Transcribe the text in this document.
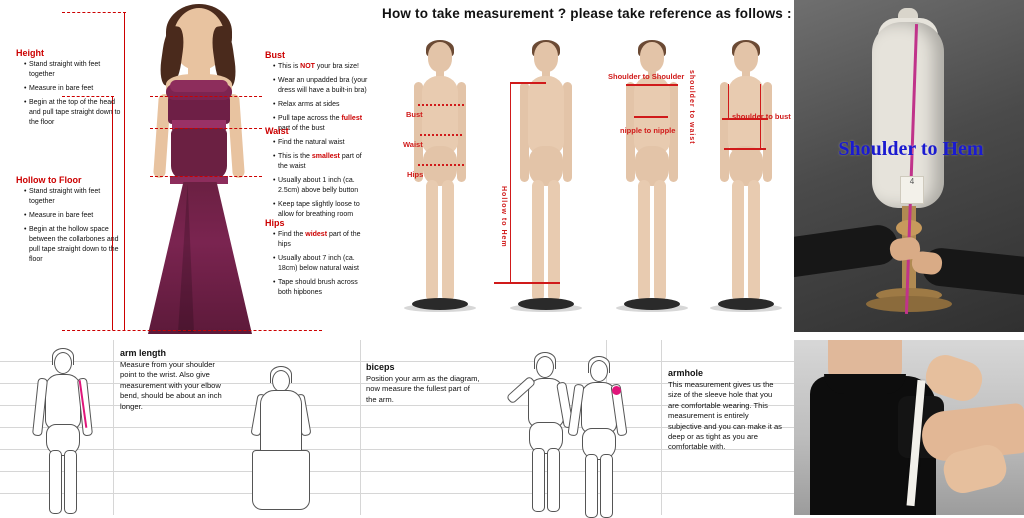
Height
• Stand straight with feet together
• Measure in bare feet
• Begin at the top of the head and pull tape straight down to the floor
Hollow to Floor
• Stand straight with feet together
• Measure in bare feet
• Begin at the hollow space between the collarbones and pull tape straight down to the floor
Bust
• This is NOT your bra size!
• Wear an unpadded bra (your dress will have a built-in bra)
• Relax arms at sides
• Pull tape across the fullest part of the bust
Waist
• Find the natural waist
• This is the smallest part of the waist
• Usually about 1 inch (ca. 2.5cm) above belly button
• Keep tape slightly loose to allow for breathing room
Hips
• Find the widest part of the hips
• Usually about 7 inch (ca. 18cm) below natural waist
• Tape should brush across both hipbones
How to take measurement ? please take reference as follows :
Bust
Waist
Hips
Hollow to Hem
Shoulder to Shoulder
nipple to nipple shoulder to waist	shoulder to bust
4
Shoulder to Hem
arm length
Measure from your shoulder point to the wrist. Also give measurement with your elbow bend, should be about an inch longer.
biceps
Position your arm as the diagram, now measure the fullest part of the arm.
armhole
This measurement gives us the size of the sleeve hole that you are comfortable wearing. This measurement is entirely subjective and you can make it as deep or as tight as you are comfortable with.
